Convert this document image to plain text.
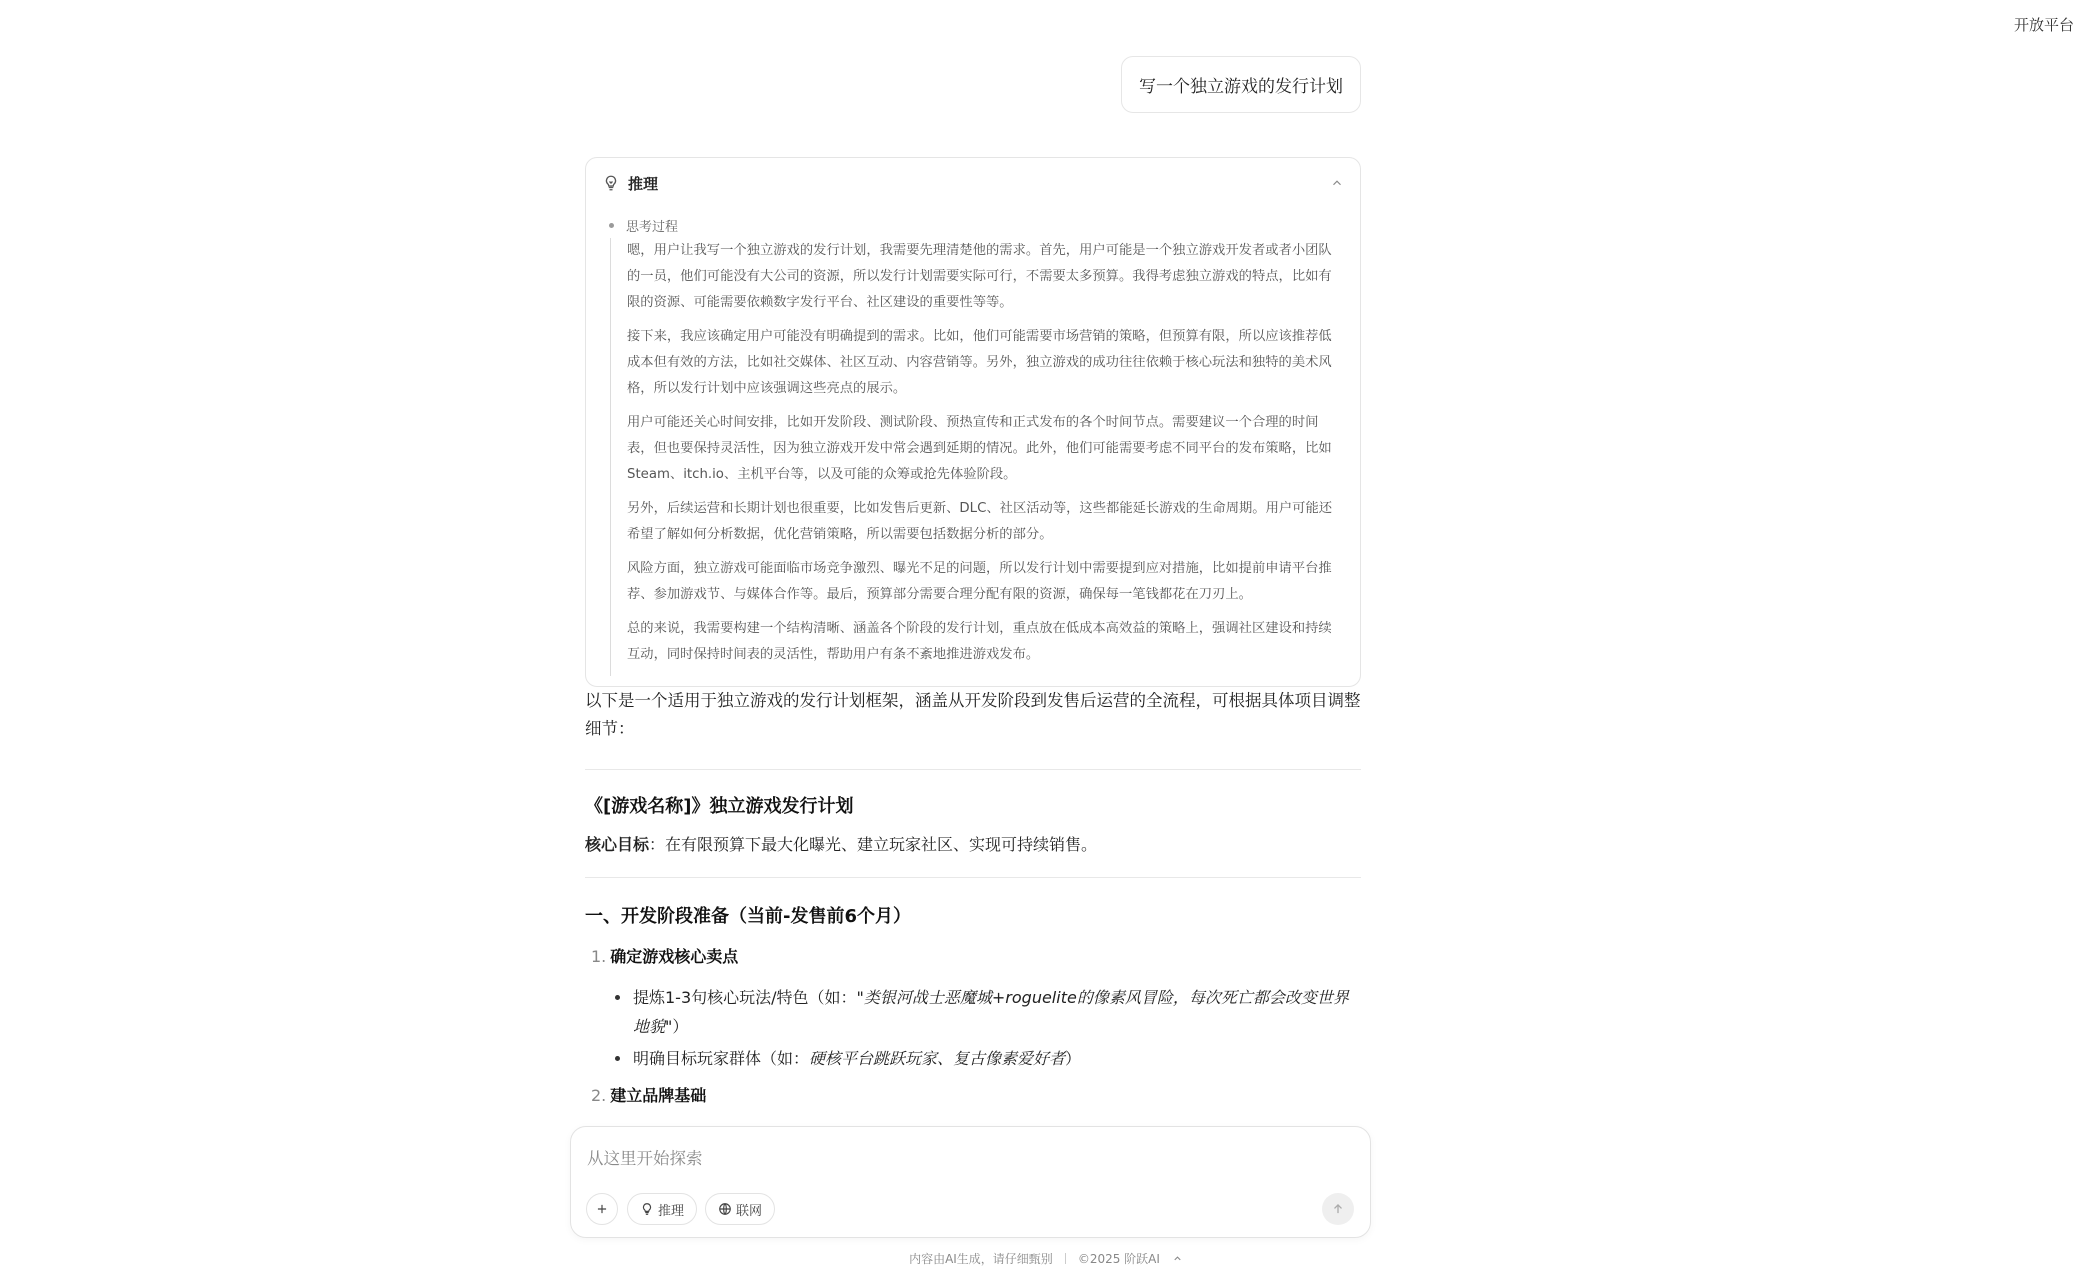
开放平台
写一个独立游戏的发行计划
推理
思考过程

嗯，用户让我写一个独立游戏的发行计划，我需要先理清楚他的需求。首先，用户可能是一个独立游戏开发者或者小团队的一员，他们可能没有大公司的资源，所以发行计划需要实际可行，不需要太多预算。我得考虑独立游戏的特点，比如有限的资源、可能需要依赖数字发行平台、社区建设的重要性等等。

接下来，我应该确定用户可能没有明确提到的需求。比如，他们可能需要市场营销的策略，但预算有限，所以应该推荐低成本但有效的方法，比如社交媒体、社区互动、内容营销等。另外，独立游戏的成功往往依赖于核心玩法和独特的美术风格，所以发行计划中应该强调这些亮点的展示。

用户可能还关心时间安排，比如开发阶段、测试阶段、预热宣传和正式发布的各个时间节点。需要建议一个合理的时间表，但也要保持灵活性，因为独立游戏开发中常会遇到延期的情况。此外，他们可能需要考虑不同平台的发布策略，比如Steam、itch.io、主机平台等，以及可能的众筹或抢先体验阶段。

另外，后续运营和长期计划也很重要，比如发售后更新、DLC、社区活动等，这些都能延长游戏的生命周期。用户可能还希望了解如何分析数据，优化营销策略，所以需要包括数据分析的部分。

风险方面，独立游戏可能面临市场竞争激烈、曝光不足的问题，所以发行计划中需要提到应对措施，比如提前申请平台推荐、参加游戏节、与媒体合作等。最后，预算部分需要合理分配有限的资源，确保每一笔钱都花在刀刃上。

总的来说，我需要构建一个结构清晰、涵盖各个阶段的发行计划，重点放在低成本高效益的策略上，强调社区建设和持续互动，同时保持时间表的灵活性，帮助用户有条不紊地推进游戏发布。

以下是一个适用于独立游戏的发行计划框架，涵盖从开发阶段到发售后运营的全流程，可根据具体项目调整细节：

《[游戏名称]》独立游戏发行计划

核心目标：在有限预算下最大化曝光、建立玩家社区、实现可持续销售。

一、开发阶段准备（当前-发售前6个月）
1. 确定游戏核心卖点
提炼1-3句核心玩法/特色（如："类银河战士恶魔城+roguelite的像素风冒险，每次死亡都会改变世界地貌"）
明确目标玩家群体（如：硬核平台跳跃玩家、复古像素爱好者）
2. 建立品牌基础
从这里开始探索
推理	联网
内容由AI生成，请仔细甄别 ©2025 阶跃AI
